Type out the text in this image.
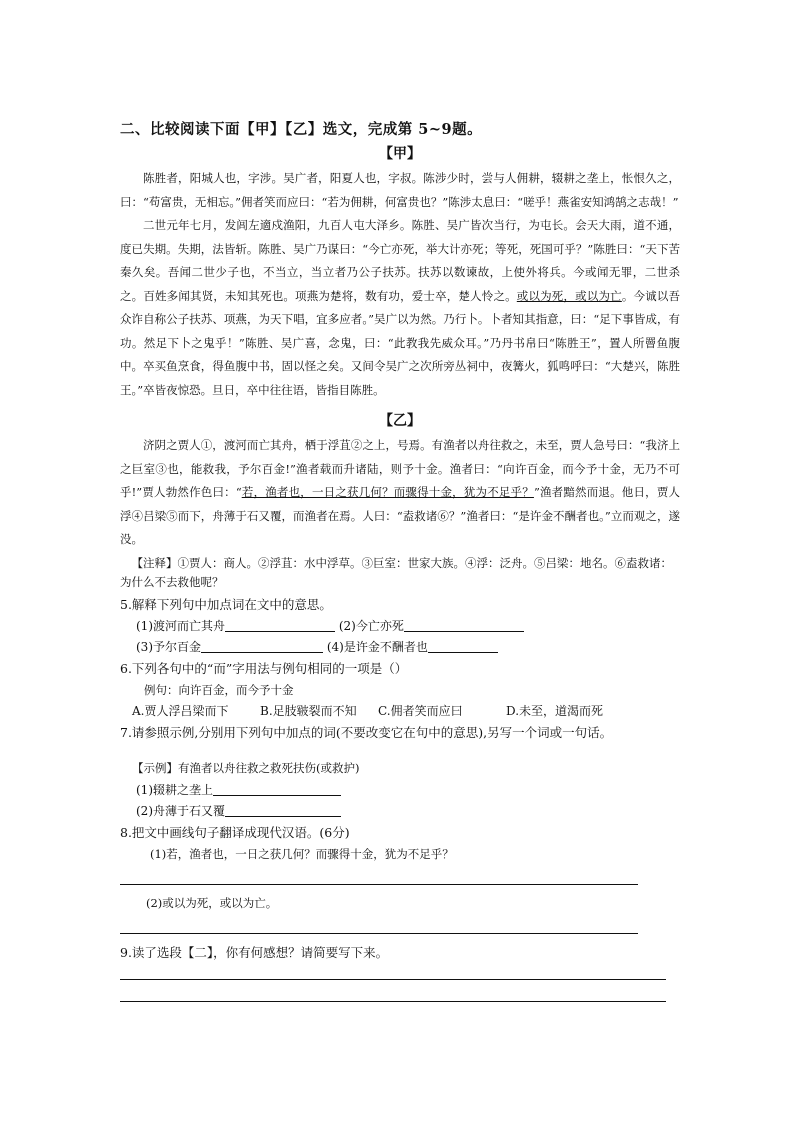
二、比较阅读下面【甲】【乙】选文，完成第 5~9题。
【甲】

陈胜者，阳城人也，字涉。吴广者，阳夏人也，字叔。陈涉少时，尝与人佣耕，辍耕之垄上，怅恨久之，曰：“苟富贵，无相忘。”佣者笑而应曰：“若为佣耕，何富贵也？”陈涉太息曰：“嗟乎！燕雀安知鸿鹄之志哉！”

二世元年七月，发闾左適戍渔阳，九百人屯大泽乡。陈胜、吴广皆次当行，为屯长。会天大雨，道不通，度已失期。失期，法皆斩。陈胜、吴广乃谋曰：“今亡亦死，举大计亦死；等死，死国可乎？”陈胜曰：“天下苦秦久矣。吾闻二世少子也，不当立，当立者乃公子扶苏。扶苏以数谏故，上使外将兵。今或闻无罪，二世杀之。百姓多闻其贤，未知其死也。项燕为楚将，数有功，爱士卒，楚人怜之。或以为死，或以为亡。今诚以吾众诈自称公子扶苏、项燕，为天下唱，宜多应者。”吴广以为然。乃行卜。卜者知其指意，曰：“足下事皆成，有功。然足下卜之鬼乎！”陈胜、吴广喜，念鬼，曰：“此教我先威众耳。”乃丹书帛曰“陈胜王”，置人所罾鱼腹中。卒买鱼烹食，得鱼腹中书，固以怪之矣。又间令吴广之次所旁丛祠中，夜篝火，狐鸣呼曰：“大楚兴，陈胜王。”卒皆夜惊恐。旦日，卒中往往语，皆指目陈胜。

【乙】

济阴之贾人①，渡河而亡其舟，栖于浮苴②之上，号焉。有渔者以舟往救之，未至，贾人急号曰：“我济上之巨室③也，能救我，予尔百金!”渔者载而升诸陆，则予十金。渔者曰：“向许百金，而今予十金，无乃不可乎!”贾人勃然作色曰：“若，渔者也，一日之获几何？而骤得十金，犹为不足乎？”渔者黯然而退。他日，贾人浮④吕梁⑤而下，舟薄于石又覆，而渔者在焉。人曰：“盍救诸⑥？”渔者曰：“是许金不酬者也。”立而观之，遂没。

【注释】①贾人：商人。②浮苴：水中浮草。③巨室：世家大族。④浮：泛舟。⑤吕梁：地名。⑥盍救诸：为什么不去救他呢？

5.解释下列句中加点词在文中的意思。

(1)渡河而亡其舟	(2)今亡亦死
(3)予尔百金	(4)是许金不酬者也

6.下列各句中的“而”字用法与例句相同的一项是（）

例句：向许百金，而今予十金
A.贾人浮吕梁而下	B.足肢皲裂而不知	C.佣者笑而应曰	D.未至，道渴而死

7.请参照示例,分别用下列句中加点的词(不要改变它在句中的意思),另写一个词或一句话。

【示例】有渔者以舟往救之救死扶伤(或救护)

(1)辍耕之垄上
(2)舟薄于石又覆

8.把文中画线句子翻译成现代汉语。(6分)

(1)若，渔者也，一日之获几何？而骤得十金，犹为不足乎？
(2)或以为死，或以为亡。

9.读了选段【二】，你有何感想？请简要写下来。
